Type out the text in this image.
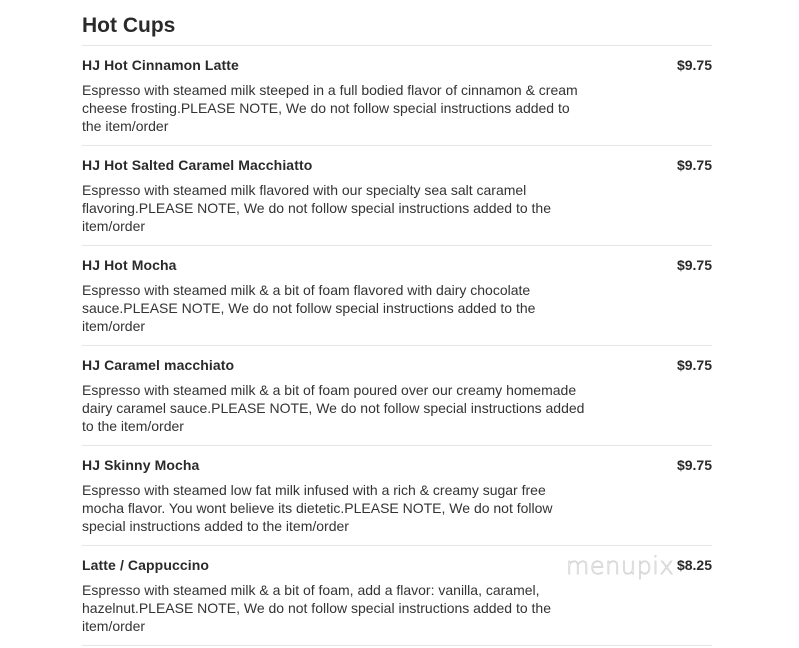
Hot Cups
HJ Hot Cinnamon Latte	$9.75

Espresso with steamed milk steeped in a full bodied flavor of cinnamon & cream cheese frosting.PLEASE NOTE, We do not follow special instructions added to the item/order

HJ Hot Salted Caramel Macchiatto	$9.75

Espresso with steamed milk flavored with our specialty sea salt caramel flavoring.PLEASE NOTE, We do not follow special instructions added to the item/order

HJ Hot Mocha	$9.75

Espresso with steamed milk & a bit of foam flavored with dairy chocolate sauce.PLEASE NOTE, We do not follow special instructions added to the item/order

HJ Caramel macchiato	$9.75

Espresso with steamed milk & a bit of foam poured over our creamy homemade dairy caramel sauce.PLEASE NOTE, We do not follow special instructions added to the item/order

HJ Skinny Mocha	$9.75

Espresso with steamed low fat milk infused with a rich & creamy sugar free mocha flavor. You wont believe its dietetic.PLEASE NOTE, We do not follow special instructions added to the item/order

Latte / Cappuccino	$8.25

Espresso with steamed milk & a bit of foam, add a flavor: vanilla, caramel, hazelnut.PLEASE NOTE, We do not follow special instructions added to the item/order

menupix
